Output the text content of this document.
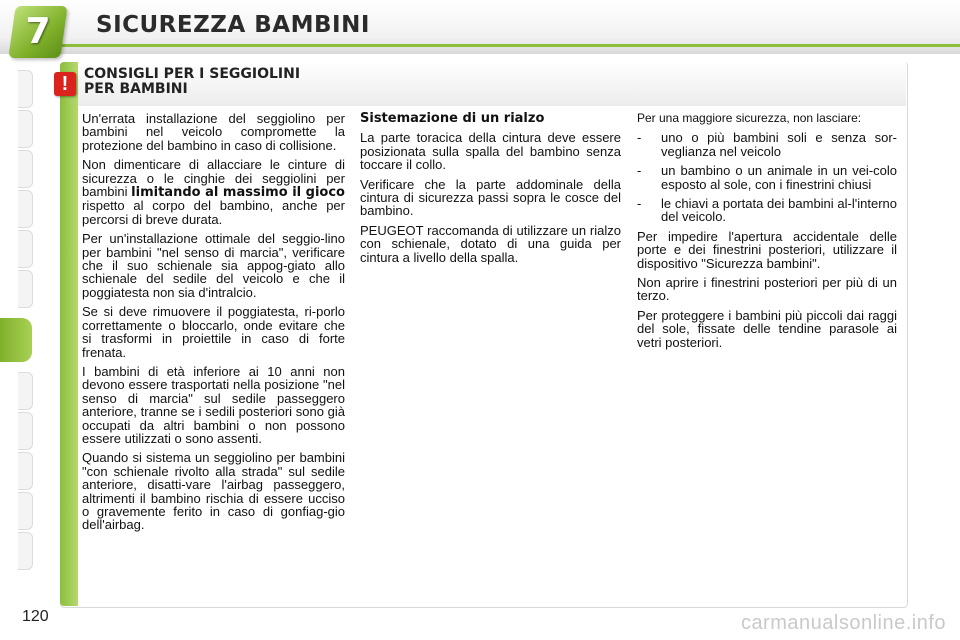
7	SICUREZZA BAMBINI
!	CONSIGLI PER I SEGGIOLINI
PER BAMBINI

Un'errata installazione del seggiolino per bambini nel veicolo compromette la protezione del bambino in caso di collisione.

Non dimenticare di allacciare le cinture di sicurezza o le cinghie dei seggiolini per bambini limitando al massimo il gioco rispetto al corpo del bambino, anche per percorsi di breve durata.

Per un'installazione ottimale del seggio-lino per bambini "nel senso di marcia", verificare che il suo schienale sia appog-giato allo schienale del sedile del veicolo e che il poggiatesta non sia d'intralcio.

Se si deve rimuovere il poggiatesta, ri-porlo correttamente o bloccarlo, onde evitare che si trasformi in proiettile in caso di forte frenata.

I bambini di età inferiore ai 10 anni non devono essere trasportati nella posizione "nel senso di marcia" sul sedile passeggero anteriore, tranne se i sedili posteriori sono già occupati da altri bambini o non possono essere utilizzati o sono assenti.

Quando si sistema un seggiolino per bambini "con schienale rivolto alla strada" sul sedile anteriore, disatti-vare l'airbag passeggero, altrimenti il bambino rischia di essere ucciso o gravemente ferito in caso di gonfiag-gio dell'airbag.

Sistemazione di un rialzo

La parte toracica della cintura deve essere posizionata sulla spalla del bambino senza toccare il collo.

Verificare che la parte addominale della cintura di sicurezza passi sopra le cosce del bambino.

PEUGEOT raccomanda di utilizzare un rialzo con schienale, dotato di una guida per cintura a livello della spalla.

Per una maggiore sicurezza, non lasciare:

-	uno o più bambini soli e senza sor-veglianza nel veicolo
-	un bambino o un animale in un vei-colo esposto al sole, con i finestrini chiusi
-	le chiavi a portata dei bambini al-l'interno del veicolo.

Per impedire l'apertura accidentale delle porte e dei finestrini posteriori, utilizzare il dispositivo "Sicurezza bambini".

Non aprire i finestrini posteriori per più di un terzo.

Per proteggere i bambini più piccoli dai raggi del sole, fissate delle tendine parasole ai vetri posteriori.

120	carmanualsonline.info
